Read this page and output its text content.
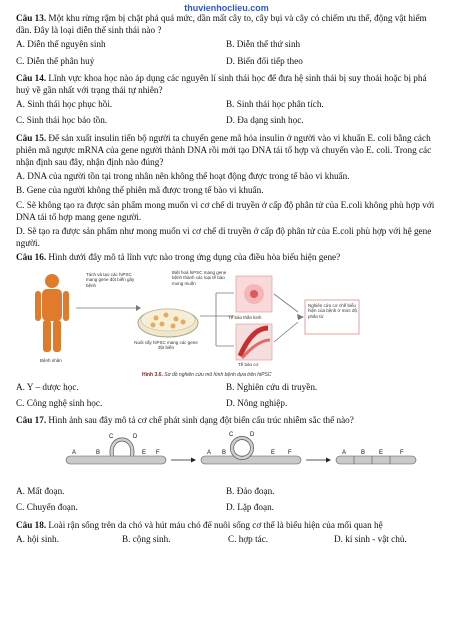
thuvienhoclieu.com

Câu 13. Một khu rừng rậm bị chặt phá quá mức, dần mất cây to, cây bụi và cây cỏ chiếm ưu thế, động vật hiếm dần. Đây là loại diễn thế sinh thái nào ?

A. Diễn thế nguyên sinh	B. Diễn thế thứ sinh
C. Diễn thế phân huỷ	D. Biến đổi tiếp theo

Câu 14. Lĩnh vực khoa học nào áp dụng các nguyên lí sinh thái học để đưa hệ sinh thái bị suy thoái hoặc bị phá huỷ về gần nhất với trạng thái tự nhiên?

A. Sinh thái học phục hồi.	B. Sinh thái học phân tích.
C. Sinh thái học bảo tồn.	D. Đa dạng sinh học.

Câu 15. Để sản xuất insulin tiến bộ người ta chuyển gene mã hóa insulin ở người vào vi khuẩn E. coli bằng cách phiên mã ngược mRNA của gene người thành DNA rồi mới tạo DNA tái tổ hợp và chuyển vào E. coli. Trong các nhận định sau đây, nhận định nào đúng?

A. DNA của người tồn tại trong nhân nên không thể hoạt động được trong tế bào vi khuẩn.

B. Gene của người không thể phiên mã được trong tế bào vi khuẩn.

C. Sẽ không tạo ra được sản phẩm mong muốn vì cơ chế di truyền ở cấp độ phân tử của E.coli không phù hợp với DNA tái tổ hợp mang gene người.

D. Sẽ tạo ra được sản phẩm như mong muốn vì cơ chế di truyền ở cấp độ phân tử của E.coli phù hợp với hệ gene người.

Câu 16. Hình dưới đây mô tả lĩnh vực nào trong ứng dụng của điều hòa biểu hiện gene?

Tách và tạo các hiPSC mang gene đột biến gây bệnh
Bệnh nhân
Nuôi cấy hiPSC mang các gene đột biến
Biệt hoá hiPSC mang gene bệnh thành các loại tế bào mong muốn
Tế bào thần kinh
Tế bào cơ
Nghiên cứu cơ chế biểu hiện của bệnh ở mức độ phân tử
Hình 3.6. Sơ đồ nghiên cứu mô hình bệnh dựa trên hiPSC
A. Y – dược học.	B. Nghiên cứu di truyền.
C. Công nghệ sinh học.	D. Nông nghiệp.

Câu 17. Hình ảnh sau đây mô tả cơ chế phát sinh dạng đột biến cấu trúc nhiễm sắc thể nào?

A	B
C	D
E F	A B
C	D
E F	A B E	F
A. Mất đoạn.	B. Đảo đoạn.
C. Chuyển đoạn.	D. Lặp đoạn.

Câu 18. Loài rận sống trên da chó và hút máu chó để nuôi sống cơ thể là biểu hiện của mối quan hệ

A. hội sinh.	B. cộng sinh.	C. hợp tác.	D. kí sinh - vật chủ.
